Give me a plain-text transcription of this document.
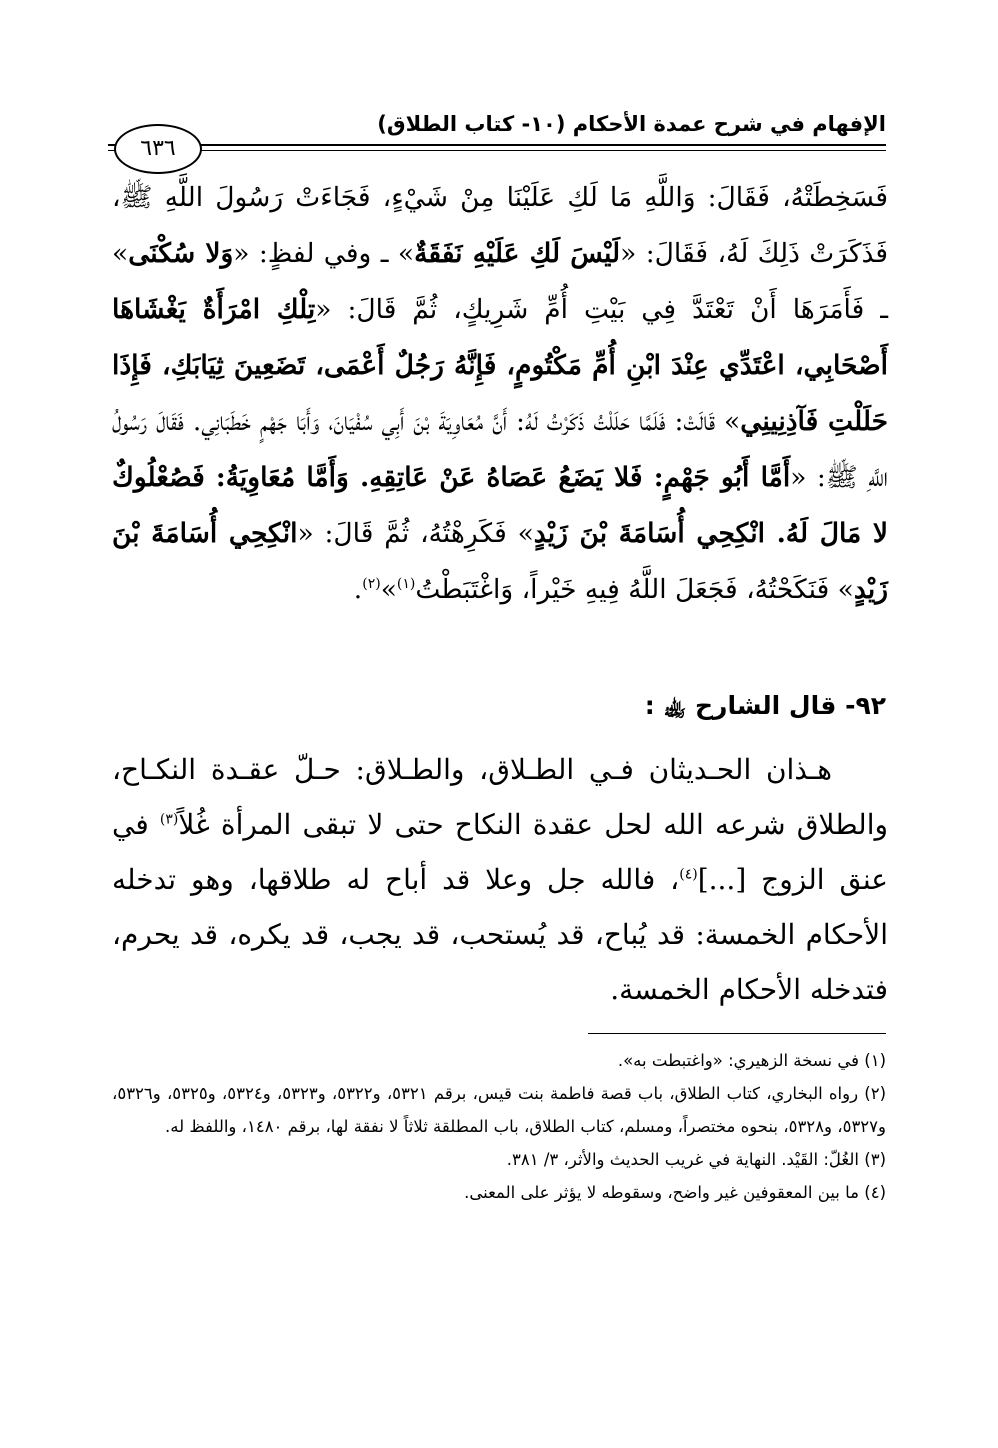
الإفهام في شرح عمدة الأحكام (١٠- كتاب الطلاق)
٦٣٦
فَسَخِطَتْهُ، فَقَالَ: وَاللَّهِ مَا لَكِ عَلَيْنَا مِنْ شَيْءٍ، فَجَاءَتْ رَسُولَ اللَّهِ ﷺ، فَذَكَرَتْ ذَلِكَ لَهُ، فَقَالَ: «لَيْسَ لَكِ عَلَيْهِ نَفَقَةٌ» ـ وفي لفظٍ: «وَلا سُكْنَى» ـ فَأَمَرَهَا أَنْ تَعْتَدَّ فِي بَيْتِ أُمِّ شَرِيكٍ، ثُمَّ قَالَ: «تِلْكِ امْرَأَةٌ يَغْشَاهَا أَصْحَابِي، اعْتَدِّي عِنْدَ ابْنِ أُمِّ مَكْتُومٍ، فَإِنَّهُ رَجُلٌ أَعْمَى، تَضَعِينَ ثِيَابَكِ، فَإِذَا حَلَلْتِ فَآذِنِينِي» قَالَتْ: فَلَمَّا حَلَلْتُ ذَكَرْتُ لَهُ: أَنَّ مُعَاوِيَةَ بْنَ أَبِي سُفْيَانَ، وَأَبَا جَهْمٍ خَطَبَانِي. فَقَالَ رَسُولُ اللَّهِ ﷺ: «أَمَّا أَبُو جَهْمٍ: فَلا يَضَعُ عَصَاهُ عَنْ عَاتِقِهِ. وَأَمَّا مُعَاوِيَةُ: فَصُعْلُوكٌ لا مَالَ لَهُ. انْكِحِي أُسَامَةَ بْنَ زَيْدٍ» فَكَرِهْتُهُ، ثُمَّ قَالَ: «انْكِحِي أُسَامَةَ بْنَ زَيْدٍ» فَنَكَحْتُهُ، فَجَعَلَ اللَّهُ فِيهِ خَيْراً، وَاغْتَبَطْتُ$^{(١)}$»$^{(٢)}$.
٩٢- قال الشارح ﵀ :
هـذان الحـديثان فـي الطـلاق، والطـلاق: حـلّ عقـدة النكـاح، والطلاق شرعه الله لحل عقدة النكاح حتى لا تبقى المرأة غُلاً$^{(٣)}$ في عنق الزوج [...]$^{(٤)}$، فالله جل وعلا قد أباح له طلاقها، وهو تدخله الأحكام الخمسة: قد يُباح، قد يُستحب، قد يجب، قد يكره، قد يحرم، فتدخله الأحكام الخمسة.
(١) في نسخة الزهيري: «واغتبطت به».
(٢) رواه البخاري، كتاب الطلاق، باب قصة فاطمة بنت قيس، برقم ٥٣٢١، و٥٣٢٢، و٥٣٢٣، و٥٣٢٤، و٥٣٢٥، و٥٣٢٦، و٥٣٢٧، و٥٣٢٨، بنحوه مختصراً، ومسلم، كتاب الطلاق، باب المطلقة ثلاثاً لا نفقة لها، برقم ١٤٨٠، واللفظ له.
(٣) الغُلّ: القَيْد. النهاية في غريب الحديث والأثر، ٣/ ٣٨١.
(٤) ما بين المعقوفين غير واضح، وسقوطه لا يؤثر على المعنى.
